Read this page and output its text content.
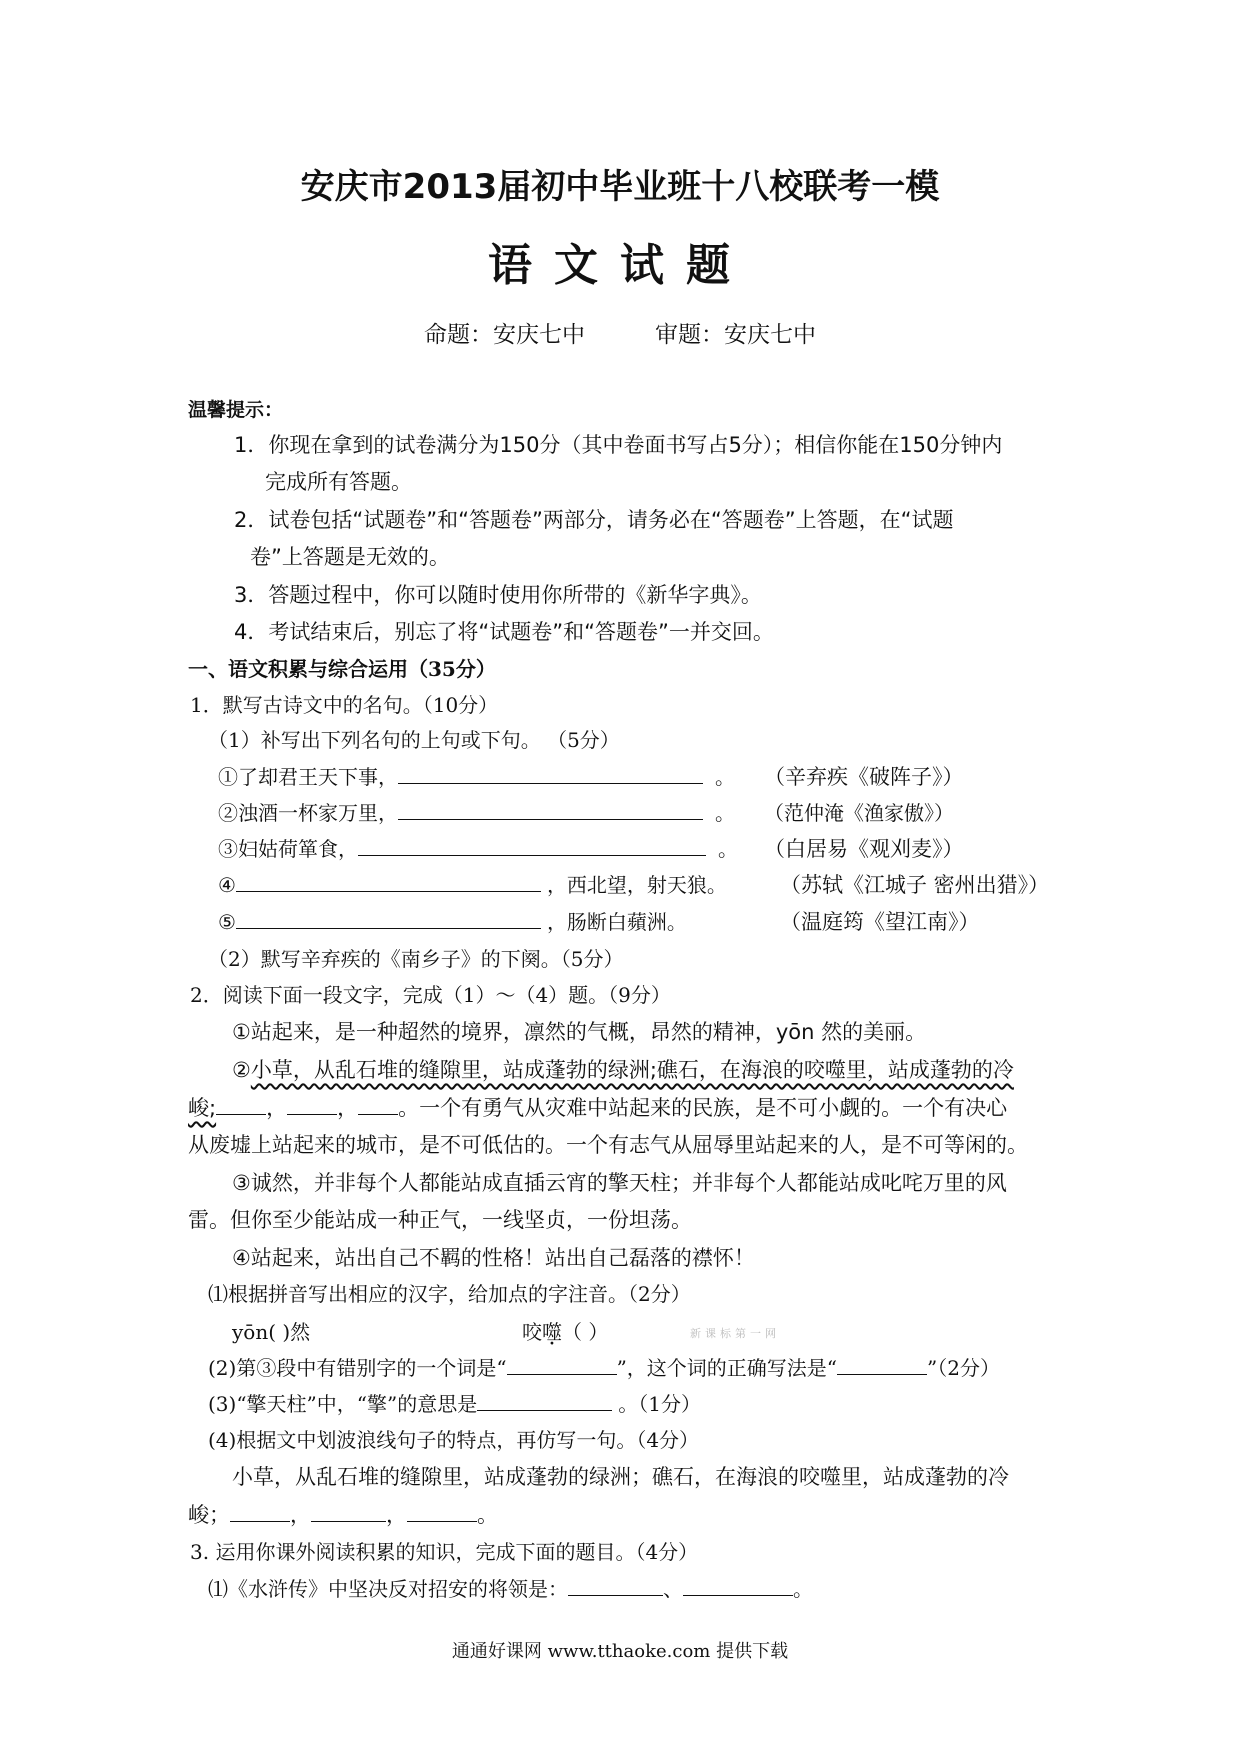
安庆市2013届初中毕业班十八校联考一模
语文试题
命题：安庆七中	审题：安庆七中
温馨提示：
1．你现在拿到的试卷满分为150分（其中卷面书写占5分）；相信你能在150分钟内
完成所有答题。
2．试卷包括“试题卷”和“答题卷”两部分，请务必在“答题卷”上答题，在“试题
卷”上答题是无效的。
3．答题过程中，你可以随时使用你所带的《新华字典》。
4．考试结束后，别忘了将“试题卷”和“答题卷”一并交回。
一、语文积累与综合运用（35分）
1．默写古诗文中的名句。（10分）
（1）补写出下列名句的上句或下句。 （5分）
①了却君王天下事，	。 （辛弃疾《破阵子》）
②浊酒一杯家万里，	。 （范仲淹《渔家傲》）
③妇姑荷箪食，	。 （白居易《观刈麦》）
④	，西北望，射天狼。	（苏轼《江城子 密州出猎》）
⑤	，肠断白蘋洲。	（温庭筠《望江南》）
（2）默写辛弃疾的《南乡子》的下阕。（5分）
2．阅读下面一段文字，完成（1）～（4）题。（9分）
①站起来，是一种超然的境界，凛然的气概，昂然的精神，yōn 然的美丽。
②小草，从乱石堆的缝隙里，站成蓬勃的绿洲;礁石，在海浪的咬噬里，站成蓬勃的冷
峻; ， ， 。一个有勇气从灾难中站起来的民族，是不可小觑的。一个有决心
从废墟上站起来的城市，是不可低估的。一个有志气从屈辱里站起来的人，是不可等闲的。
③诚然，并非每个人都能站成直插云宵的擎天柱；并非每个人都能站成叱咤万里的风
雷。但你至少能站成一种正气，一线坚贞，一份坦荡。
④站起来，站出自己不羁的性格！站出自己磊落的襟怀！
⑴根据拼音写出相应的汉字，给加点的字注音。（2分）
yōn( )然	咬噬（ ）	新课标第一网
(2)第③段中有错别字的一个词是“	”，这个词的正确写法是“	”（2分）
(3)“擎天柱”中，“擎”的意思是	。（1分）
(4)根据文中划波浪线句子的特点，再仿写一句。（4分）
小草，从乱石堆的缝隙里，站成蓬勃的绿洲；礁石，在海浪的咬噬里，站成蓬勃的冷
峻；	，	，	。
3. 运用你课外阅读积累的知识，完成下面的题目。（4分）
⑴《水浒传》中坚决反对招安的将领是：	、	。
通通好课网 www.tthaoke.com 提供下载
